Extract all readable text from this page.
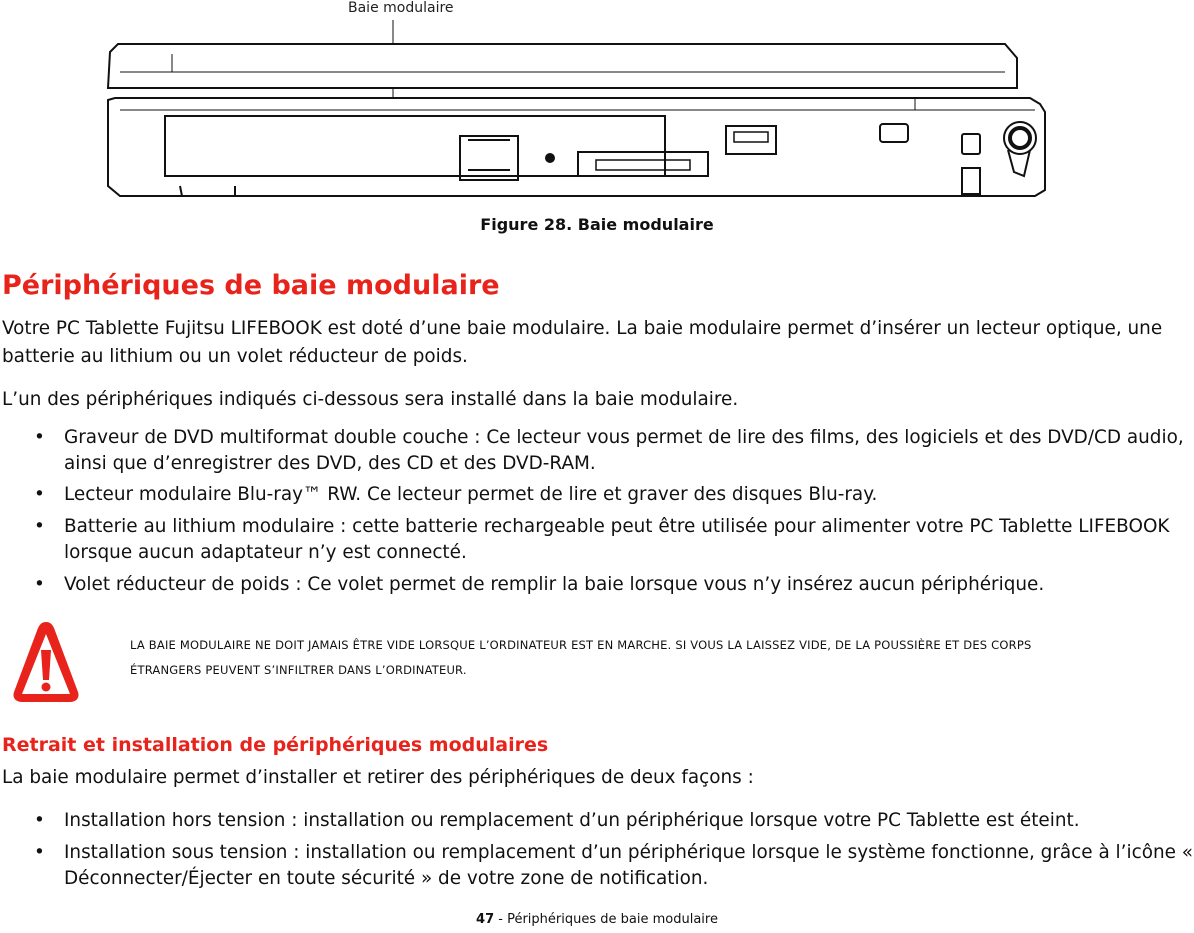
Baie modulaire
Figure 28. Baie modulaire
Périphériques de baie modulaire
Votre PC Tablette Fujitsu LIFEBOOK est doté d’une baie modulaire. La baie modulaire permet d’insérer un lecteur optique, une batterie au lithium ou un volet réducteur de poids.
L’un des périphériques indiqués ci-dessous sera installé dans la baie modulaire.
• Graveur de DVD multiformat double couche : Ce lecteur vous permet de lire des films, des logiciels et des DVD/CD audio, ainsi que d’enregistrer des DVD, des CD et des DVD-RAM.
• Lecteur modulaire Blu-ray™ RW. Ce lecteur permet de lire et graver des disques Blu-ray.
• Batterie au lithium modulaire : cette batterie rechargeable peut être utilisée pour alimenter votre PC Tablette LIFEBOOK lorsque aucun adaptateur n’y est connecté.
• Volet réducteur de poids : Ce volet permet de remplir la baie lorsque vous n’y insérez aucun périphérique.
LA BAIE MODULAIRE NE DOIT JAMAIS ÊTRE VIDE LORSQUE L’ORDINATEUR EST EN MARCHE. SI VOUS LA LAISSEZ VIDE, DE LA POUSSIÈRE ET DES CORPS
ÉTRANGERS PEUVENT S’INFILTRER DANS L’ORDINATEUR.
Retrait et installation de périphériques modulaires
La baie modulaire permet d’installer et retirer des périphériques de deux façons :
• Installation hors tension : installation ou remplacement d’un périphérique lorsque votre PC Tablette est éteint.
• Installation sous tension : installation ou remplacement d’un périphérique lorsque le système fonctionne, grâce à l’icône « Déconnecter/Éjecter en toute sécurité » de votre zone de notification.
47 - Périphériques de baie modulaire
